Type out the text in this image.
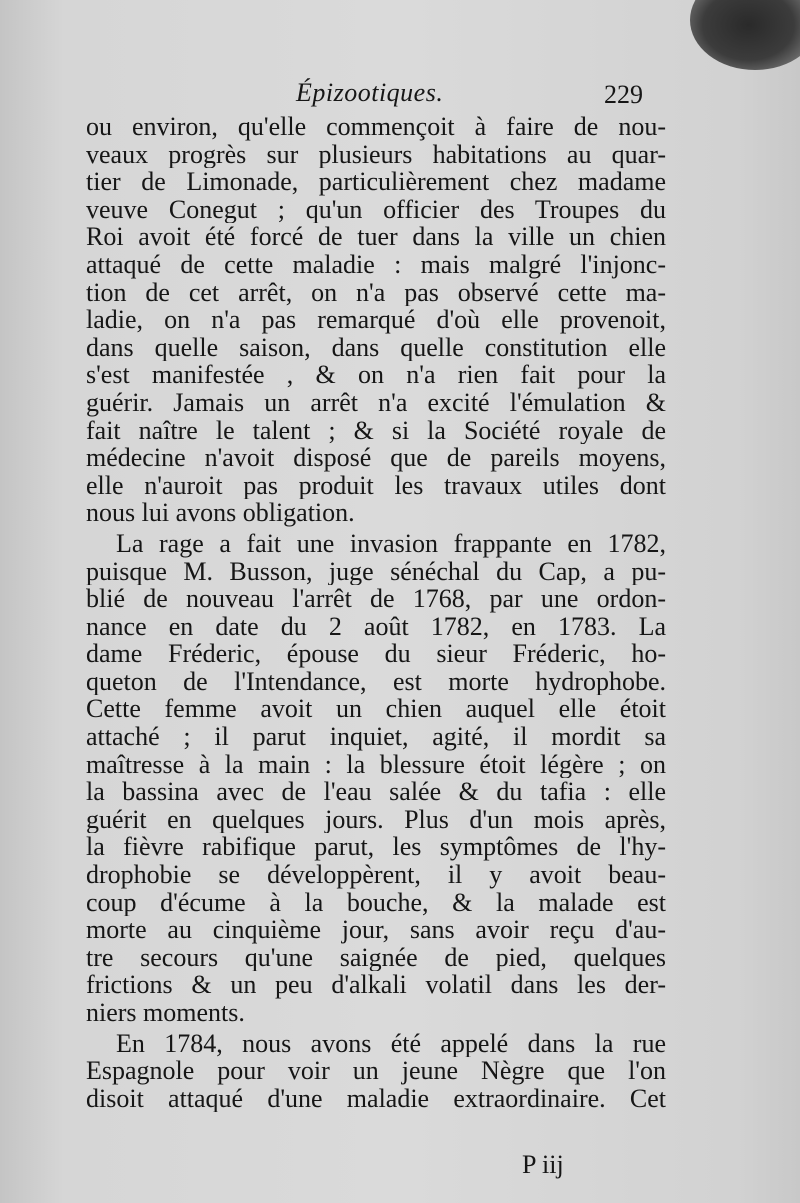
Épizootiques.	229
ou environ, qu'elle commençoit à faire de nou-
veaux progrès sur plusieurs habitations au quar-
tier de Limonade, particulièrement chez madame
veuve Conegut ; qu'un officier des Troupes du
Roi avoit été forcé de tuer dans la ville un chien
attaqué de cette maladie : mais malgré l'injonc-
tion de cet arrêt, on n'a pas observé cette ma-
ladie, on n'a pas remarqué d'où elle provenoit,
dans quelle saison, dans quelle constitution elle
s'est manifestée , & on n'a rien fait pour la
guérir. Jamais un arrêt n'a excité l'émulation &
fait naître le talent ; & si la Société royale de
médecine n'avoit disposé que de pareils moyens,
elle n'auroit pas produit les travaux utiles dont
nous lui avons obligation.
La rage a fait une invasion frappante en 1782,
puisque M. Busson, juge sénéchal du Cap, a pu-
blié de nouveau l'arrêt de 1768, par une ordon-
nance en date du 2 août 1782, en 1783. La
dame Fréderic, épouse du sieur Fréderic, ho-
queton de l'Intendance, est morte hydrophobe.
Cette femme avoit un chien auquel elle étoit
attaché ; il parut inquiet, agité, il mordit sa
maîtresse à la main : la blessure étoit légère ; on
la bassina avec de l'eau salée & du tafia : elle
guérit en quelques jours. Plus d'un mois après,
la fièvre rabifique parut, les symptômes de l'hy-
drophobie se développèrent, il y avoit beau-
coup d'écume à la bouche, & la malade est
morte au cinquième jour, sans avoir reçu d'au-
tre secours qu'une saignée de pied, quelques
frictions & un peu d'alkali volatil dans les der-
niers moments.
En 1784, nous avons été appelé dans la rue
Espagnole pour voir un jeune Nègre que l'on
disoit attaqué d'une maladie extraordinaire. Cet
P iij
